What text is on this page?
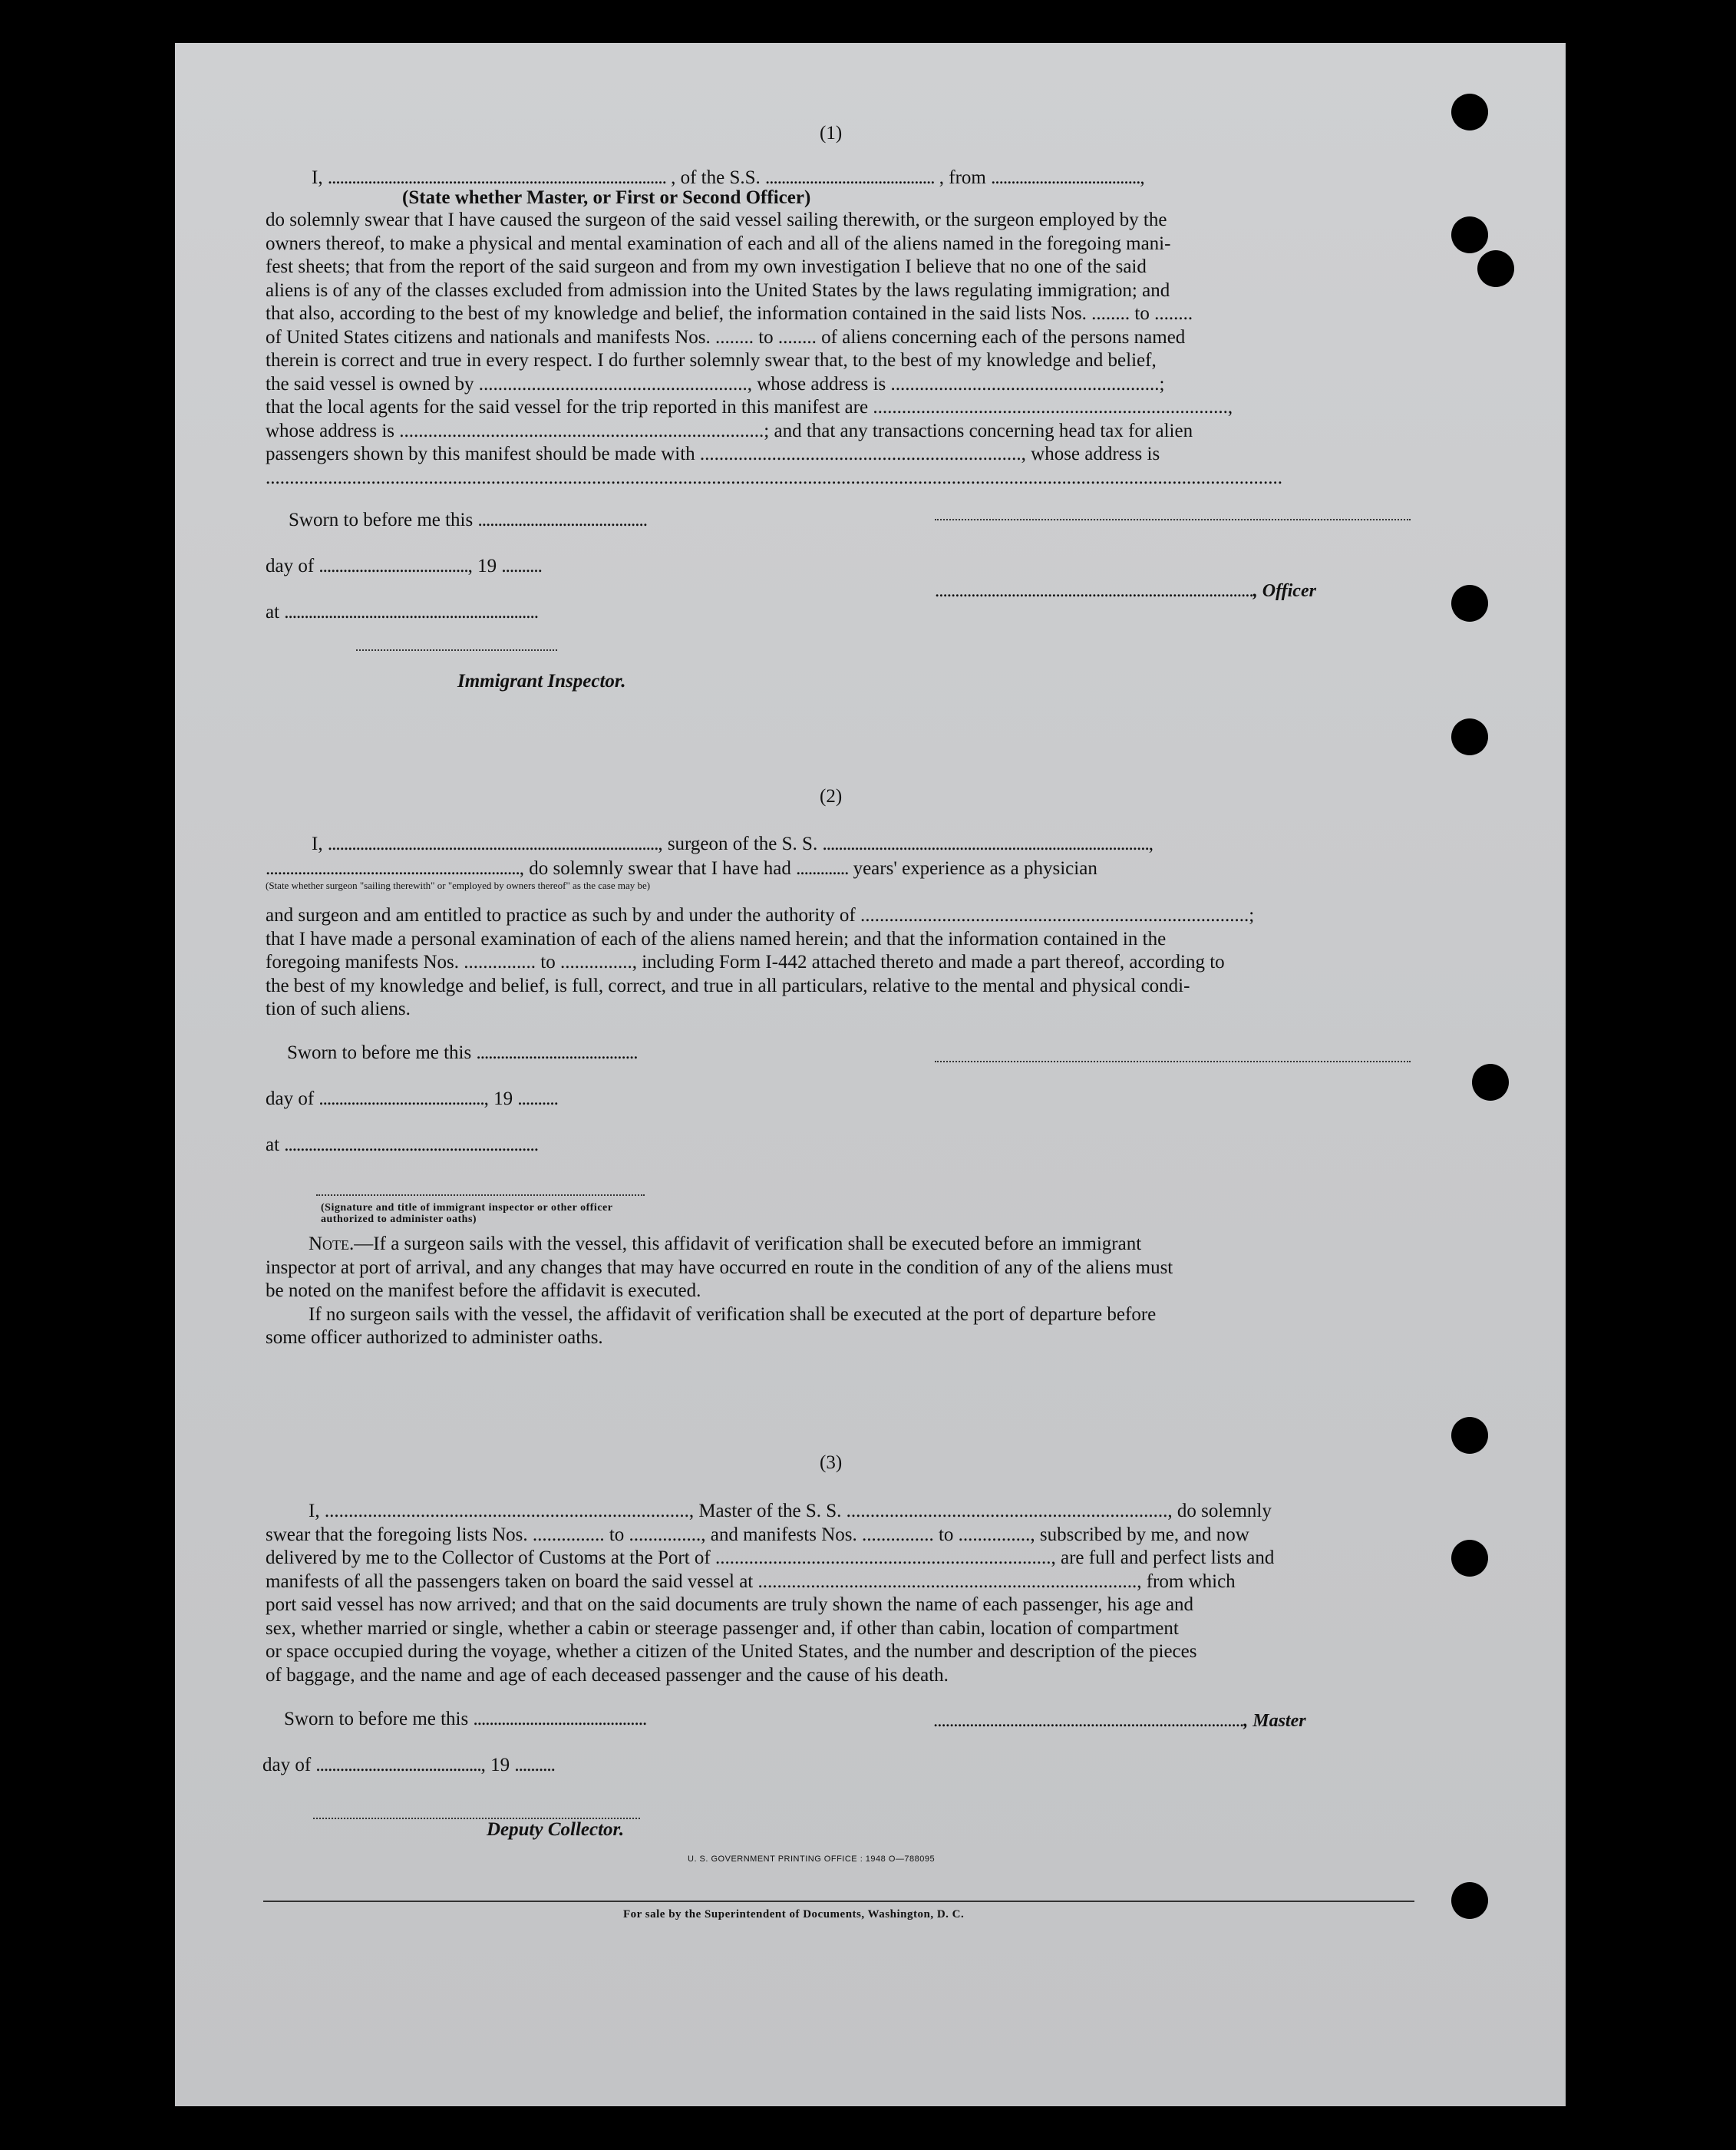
(1)
I, .................................................................................... , of the S.S. .......................................... , from .....................................,
(State whether Master, or First or Second Officer)
do solemnly swear that I have caused the surgeon of the said vessel sailing therewith, or the surgeon employed by the
owners thereof, to make a physical and mental examination of each and all of the aliens named in the foregoing mani-
fest sheets; that from the report of the said surgeon and from my own investigation I believe that no one of the said
aliens is of any of the classes excluded from admission into the United States by the laws regulating immigration; and
that also, according to the best of my knowledge and belief, the information contained in the said lists Nos. ........ to ........
of United States citizens and nationals and manifests Nos. ........ to ........ of aliens concerning each of the persons named
therein is correct and true in every respect. I do further solemnly swear that, to the best of my knowledge and belief,
the said vessel is owned by ........................................................, whose address is ........................................................;
that the local agents for the said vessel for the trip reported in this manifest are ..........................................................................,
whose address is ............................................................................; and that any transactions concerning head tax for alien
passengers shown by this manifest should be made with ..................................................................., whose address is
....................................................................................................................................................................................................................
Sworn to before me this ..........................................
day of ....................................., 19 ..........
at ...............................................................
..............................................................................., Officer
Immigrant Inspector.
(2)
I, .................................................................................., surgeon of the S. S. .................................................................................,
..............................................................., do solemnly swear that I have had ............. years' experience as a physician
(State whether surgeon "sailing therewith" or "employed by owners thereof" as the case may be)
and surgeon and am entitled to practice as such by and under the authority of .................................................................................;
that I have made a personal examination of each of the aliens named herein; and that the information contained in the
foregoing manifests Nos. ............... to ..............., including Form I-442 attached thereto and made a part thereof, according to
the best of my knowledge and belief, is full, correct, and true in all particulars, relative to the mental and physical condi-
tion of such aliens.
Sworn to before me this ........................................
day of ........................................., 19 ..........
at ...............................................................
(Signature and title of immigrant inspector or other officer authorized to administer oaths)
Note.—If a surgeon sails with the vessel, this affidavit of verification shall be executed before an immigrant
inspector at port of arrival, and any changes that may have occurred en route in the condition of any of the aliens must
be noted on the manifest before the affidavit is executed.
If no surgeon sails with the vessel, the affidavit of verification shall be executed at the port of departure before
some officer authorized to administer oaths.
(3)
I, ............................................................................, Master of the S. S. ..................................................................., do solemnly
swear that the foregoing lists Nos. ............... to ..............., and manifests Nos. ............... to ..............., subscribed by me, and now
delivered by me to the Collector of Customs at the Port of ......................................................................, are full and perfect lists and
manifests of all the passengers taken on board the said vessel at ..............................................................................., from which
port said vessel has now arrived; and that on the said documents are truly shown the name of each passenger, his age and
sex, whether married or single, whether a cabin or steerage passenger and, if other than cabin, location of compartment
or space occupied during the voyage, whether a citizen of the United States, and the number and description of the pieces
of baggage, and the name and age of each deceased passenger and the cause of his death.
Sworn to before me this ...........................................	............................................................................., Master
day of ........................................., 19 ..........
Deputy Collector.
U. S. GOVERNMENT PRINTING OFFICE : 1948 O—788095
For sale by the Superintendent of Documents, Washington, D. C.
